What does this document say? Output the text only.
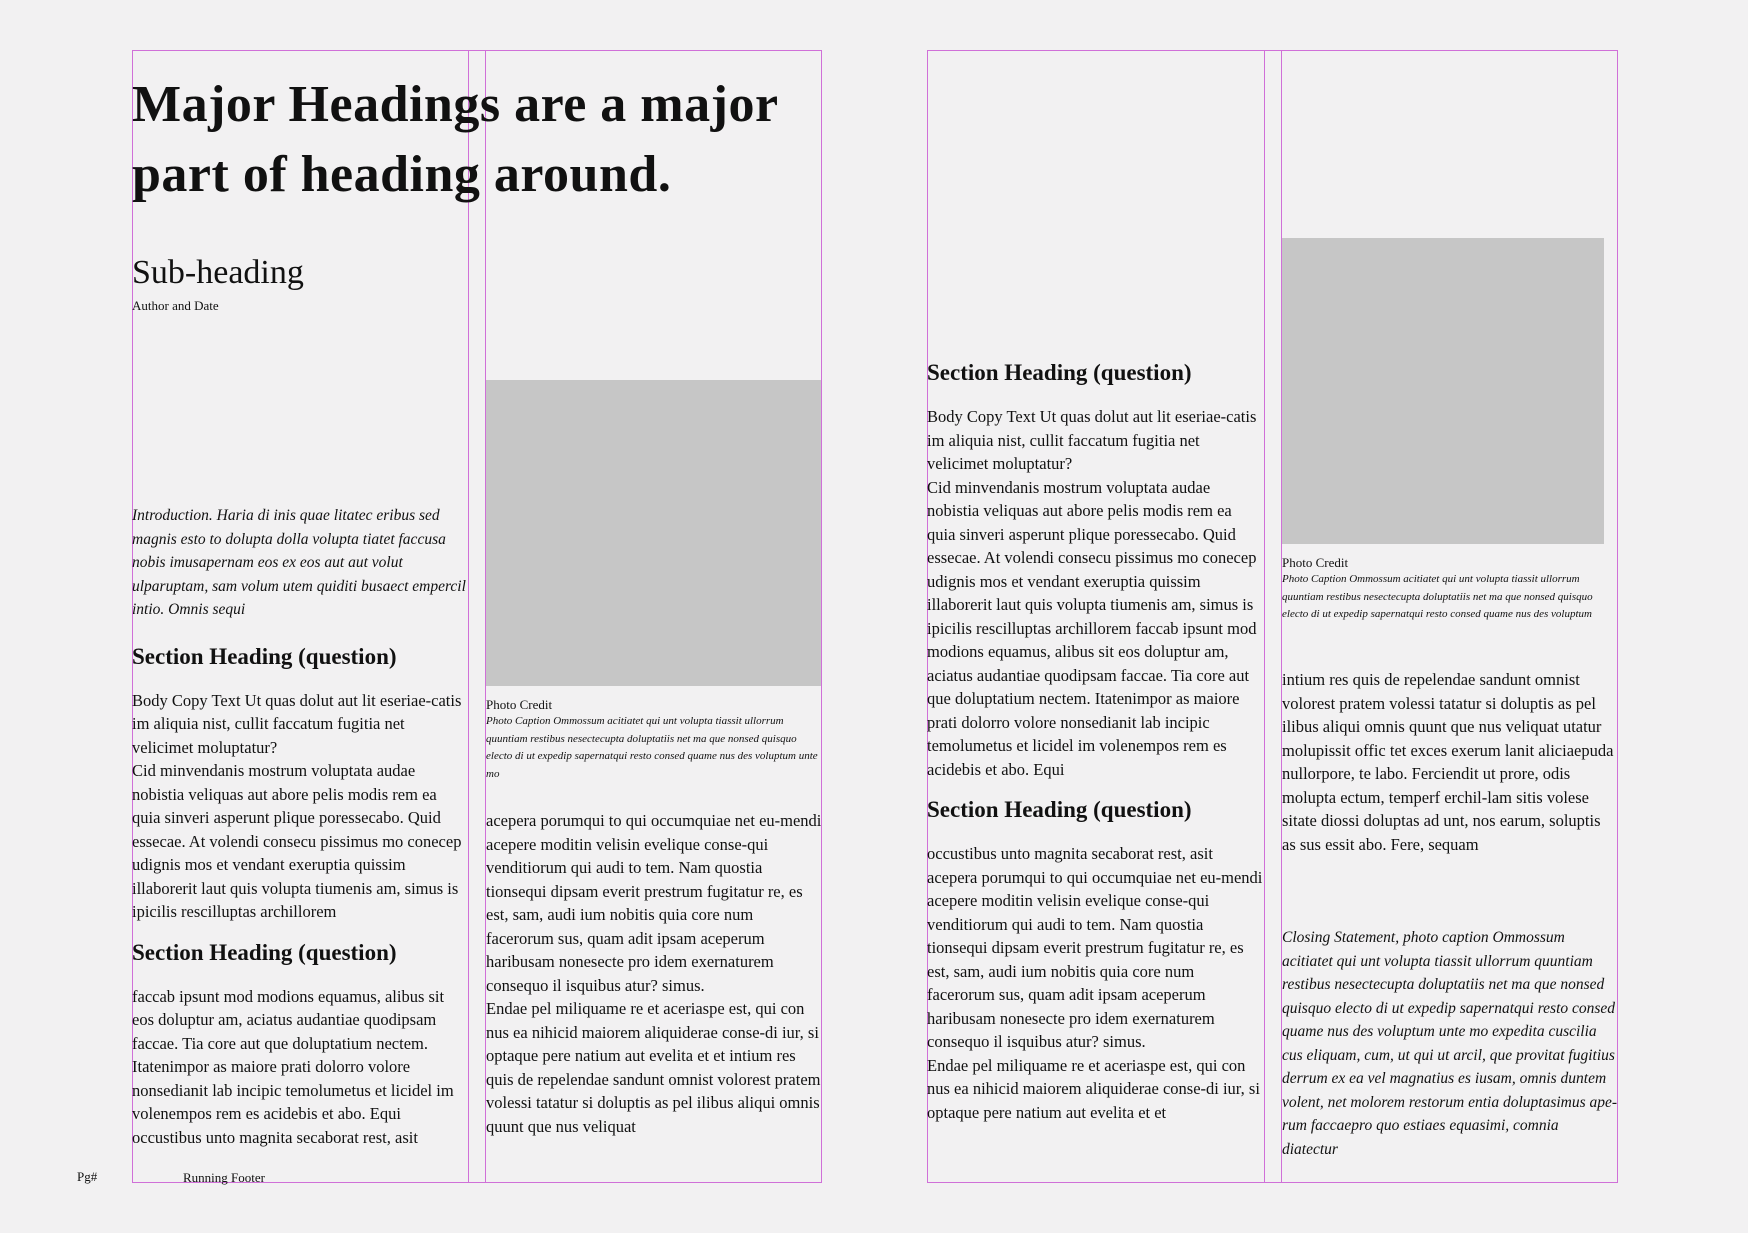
Major Headings are a major part of heading around.
Sub-heading
Author and Date

Introduction. Haria di inis quae litatec eribus sed magnis esto to dolupta dolla volupta tiatet faccusa nobis imusapernam eos ex eos aut aut volut ulparuptam, sam volum utem quiditi busaect empercil intio. Omnis sequi

Section Heading (question)

Body Copy Text Ut quas dolut aut lit eseriae-catis im aliquia nist, cullit faccatum fugitia net velicimet moluptatur?
Cid minvendanis mostrum voluptata audae nobistia veliquas aut abore pelis modis rem ea quia sinveri asperunt plique poressecabo. Quid essecae. At volendi consecu pissimus mo conecep udignis mos et vendant exeruptia quissim illaborerit laut quis volupta tiumenis am, simus is ipicilis rescilluptas archillorem

Section Heading (question)

faccab ipsunt mod modions equamus, alibus sit eos doluptur am, aciatus audantiae quodipsam faccae. Tia core aut que doluptatium nectem. Itatenimpor as maiore prati dolorro volore nonsedianit lab incipic temolumetus et licidel im volenempos rem es acidebis et abo. Equi occustibus unto magnita secaborat rest, asit

Photo Credit
Photo Caption Ommossum acitiatet qui unt volupta tiassit ullorrum quuntiam restibus nesectecupta doluptatiis net ma que nonsed quisquo electo di ut expedip sapernatqui resto consed quame nus des voluptum unte mo

acepera porumqui to qui occumquiae net eu-mendi acepere moditin velisin evelique conse-qui venditiorum qui audi to tem. Nam quostia tionsequi dipsam everit prestrum fugitatur re, es est, sam, audi ium nobitis quia core num facerorum sus, quam adit ipsam aceperum haribusam nonesecte pro idem exernaturem consequo il isquibus atur? simus.
Endae pel miliquame re et aceriaspe est, qui con nus ea nihicid maiorem aliquiderae conse-di iur, si optaque pere natium aut evelita et et intium res quis de repelendae sandunt omnist volorest pratem volessi tatatur si doluptis as pel ilibus aliqui omnis quunt que nus veliquat

Pg#	Running Footer
Section Heading (question)

Body Copy Text Ut quas dolut aut lit eseriae-catis im aliquia nist, cullit faccatum fugitia net velicimet moluptatur?
Cid minvendanis mostrum voluptata audae nobistia veliquas aut abore pelis modis rem ea quia sinveri asperunt plique poressecabo. Quid essecae. At volendi consecu pissimus mo conecep udignis mos et vendant exeruptia quissim illaborerit laut quis volupta tiumenis am, simus is ipicilis rescilluptas archillorem faccab ipsunt mod modions equamus, alibus sit eos doluptur am, aciatus audantiae quodipsam faccae. Tia core aut que doluptatium nectem. Itatenimpor as maiore prati dolorro volore nonsedianit lab incipic temolumetus et licidel im volenempos rem es acidebis et abo. Equi

Section Heading (question)

occustibus unto magnita secaborat rest, asit acepera porumqui to qui occumquiae net eu-mendi acepere moditin velisin evelique conse-qui venditiorum qui audi to tem. Nam quostia tionsequi dipsam everit prestrum fugitatur re, es est, sam, audi ium nobitis quia core num facerorum sus, quam adit ipsam aceperum haribusam nonesecte pro idem exernaturem consequo il isquibus atur? simus.
Endae pel miliquame re et aceriaspe est, qui con nus ea nihicid maiorem aliquiderae conse-di iur, si optaque pere natium aut evelita et et

Photo Credit
Photo Caption Ommossum acitiatet qui unt volupta tiassit ullorrum quuntiam restibus nesectecupta doluptatiis net ma que nonsed quisquo electo di ut expedip sapernatqui resto consed quame nus des voluptum

intium res quis de repelendae sandunt omnist volorest pratem volessi tatatur si doluptis as pel ilibus aliqui omnis quunt que nus veliquat utatur molupissit offic tet exces exerum lanit aliciaepuda nullorpore, te labo. Ferciendit ut prore, odis molupta ectum, temperf erchil-lam sitis volese sitate diossi doluptas ad unt, nos earum, soluptis as sus essit abo. Fere, sequam

Closing Statement, photo caption Ommossum acitiatet qui unt volupta tiassit ullorrum quuntiam restibus nesectecupta doluptatiis net ma que nonsed quisquo electo di ut expedip sapernatqui resto consed quame nus des voluptum unte mo expedita cuscilia cus eliquam, cum, ut qui ut arcil, que provitat fugitius derrum ex ea vel magnatius es iusam, omnis duntem volent, net molorem restorum entia doluptasimus ape-rum faccaepro quo estiaes equasimi, comnia diatectur
